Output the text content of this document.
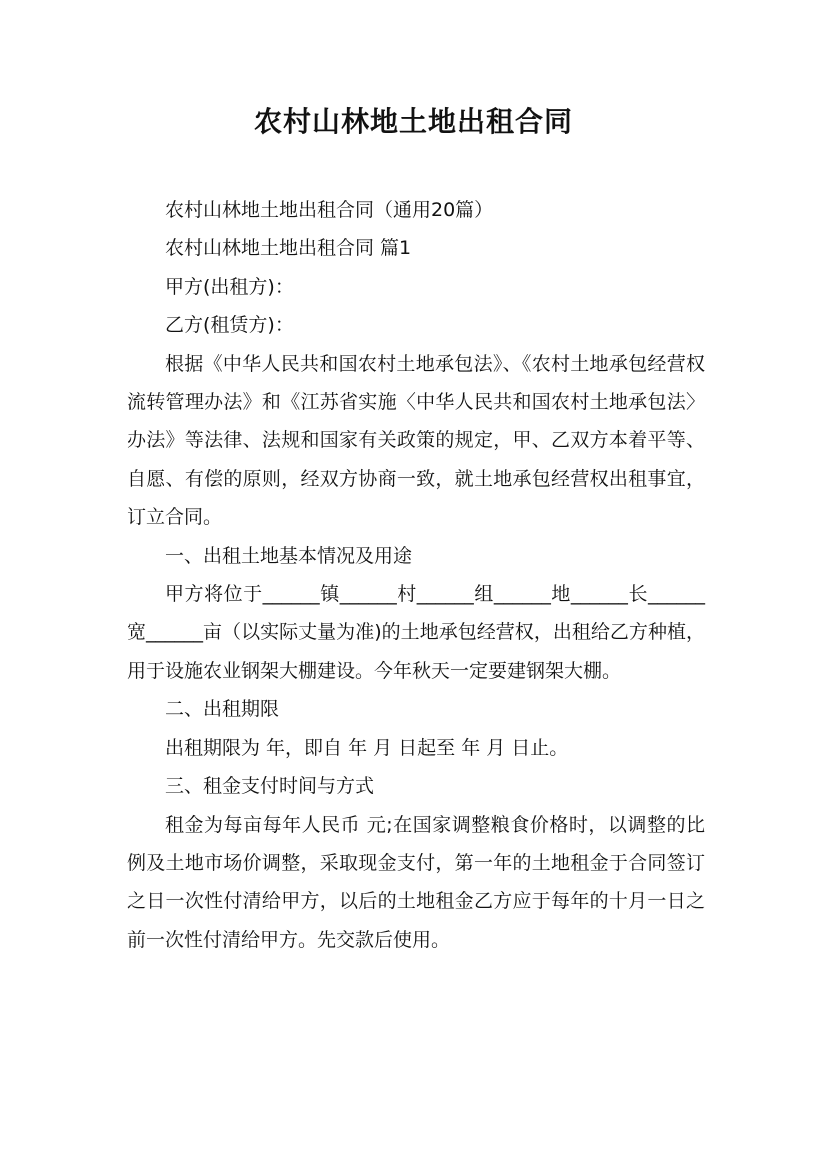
农村山林地土地出租合同

农村山林地土地出租合同（通用20篇）

农村山林地土地出租合同 篇1

甲方(出租方)：

乙方(租赁方)：

根据《中华人民共和国农村土地承包法》、《农村土地承包经营权流转管理办法》和《江苏省实施〈中华人民共和国农村土地承包法〉办法》等法律、法规和国家有关政策的规定，甲、乙双方本着平等、自愿、有偿的原则，经双方协商一致，就土地承包经营权出租事宜，订立合同。

一、出租土地基本情况及用途

甲方将位于______镇______村______组______地______长______宽______亩（以实际丈量为准)的土地承包经营权，出租给乙方种植，用于设施农业钢架大棚建设。今年秋天一定要建钢架大棚。

二、出租期限

出租期限为 年，即自 年 月 日起至 年 月 日止。

三、租金支付时间与方式

租金为每亩每年人民币 元;在国家调整粮食价格时，以调整的比例及土地市场价调整，采取现金支付，第一年的土地租金于合同签订之日一次性付清给甲方，以后的土地租金乙方应于每年的十月一日之前一次性付清给甲方。先交款后使用。
